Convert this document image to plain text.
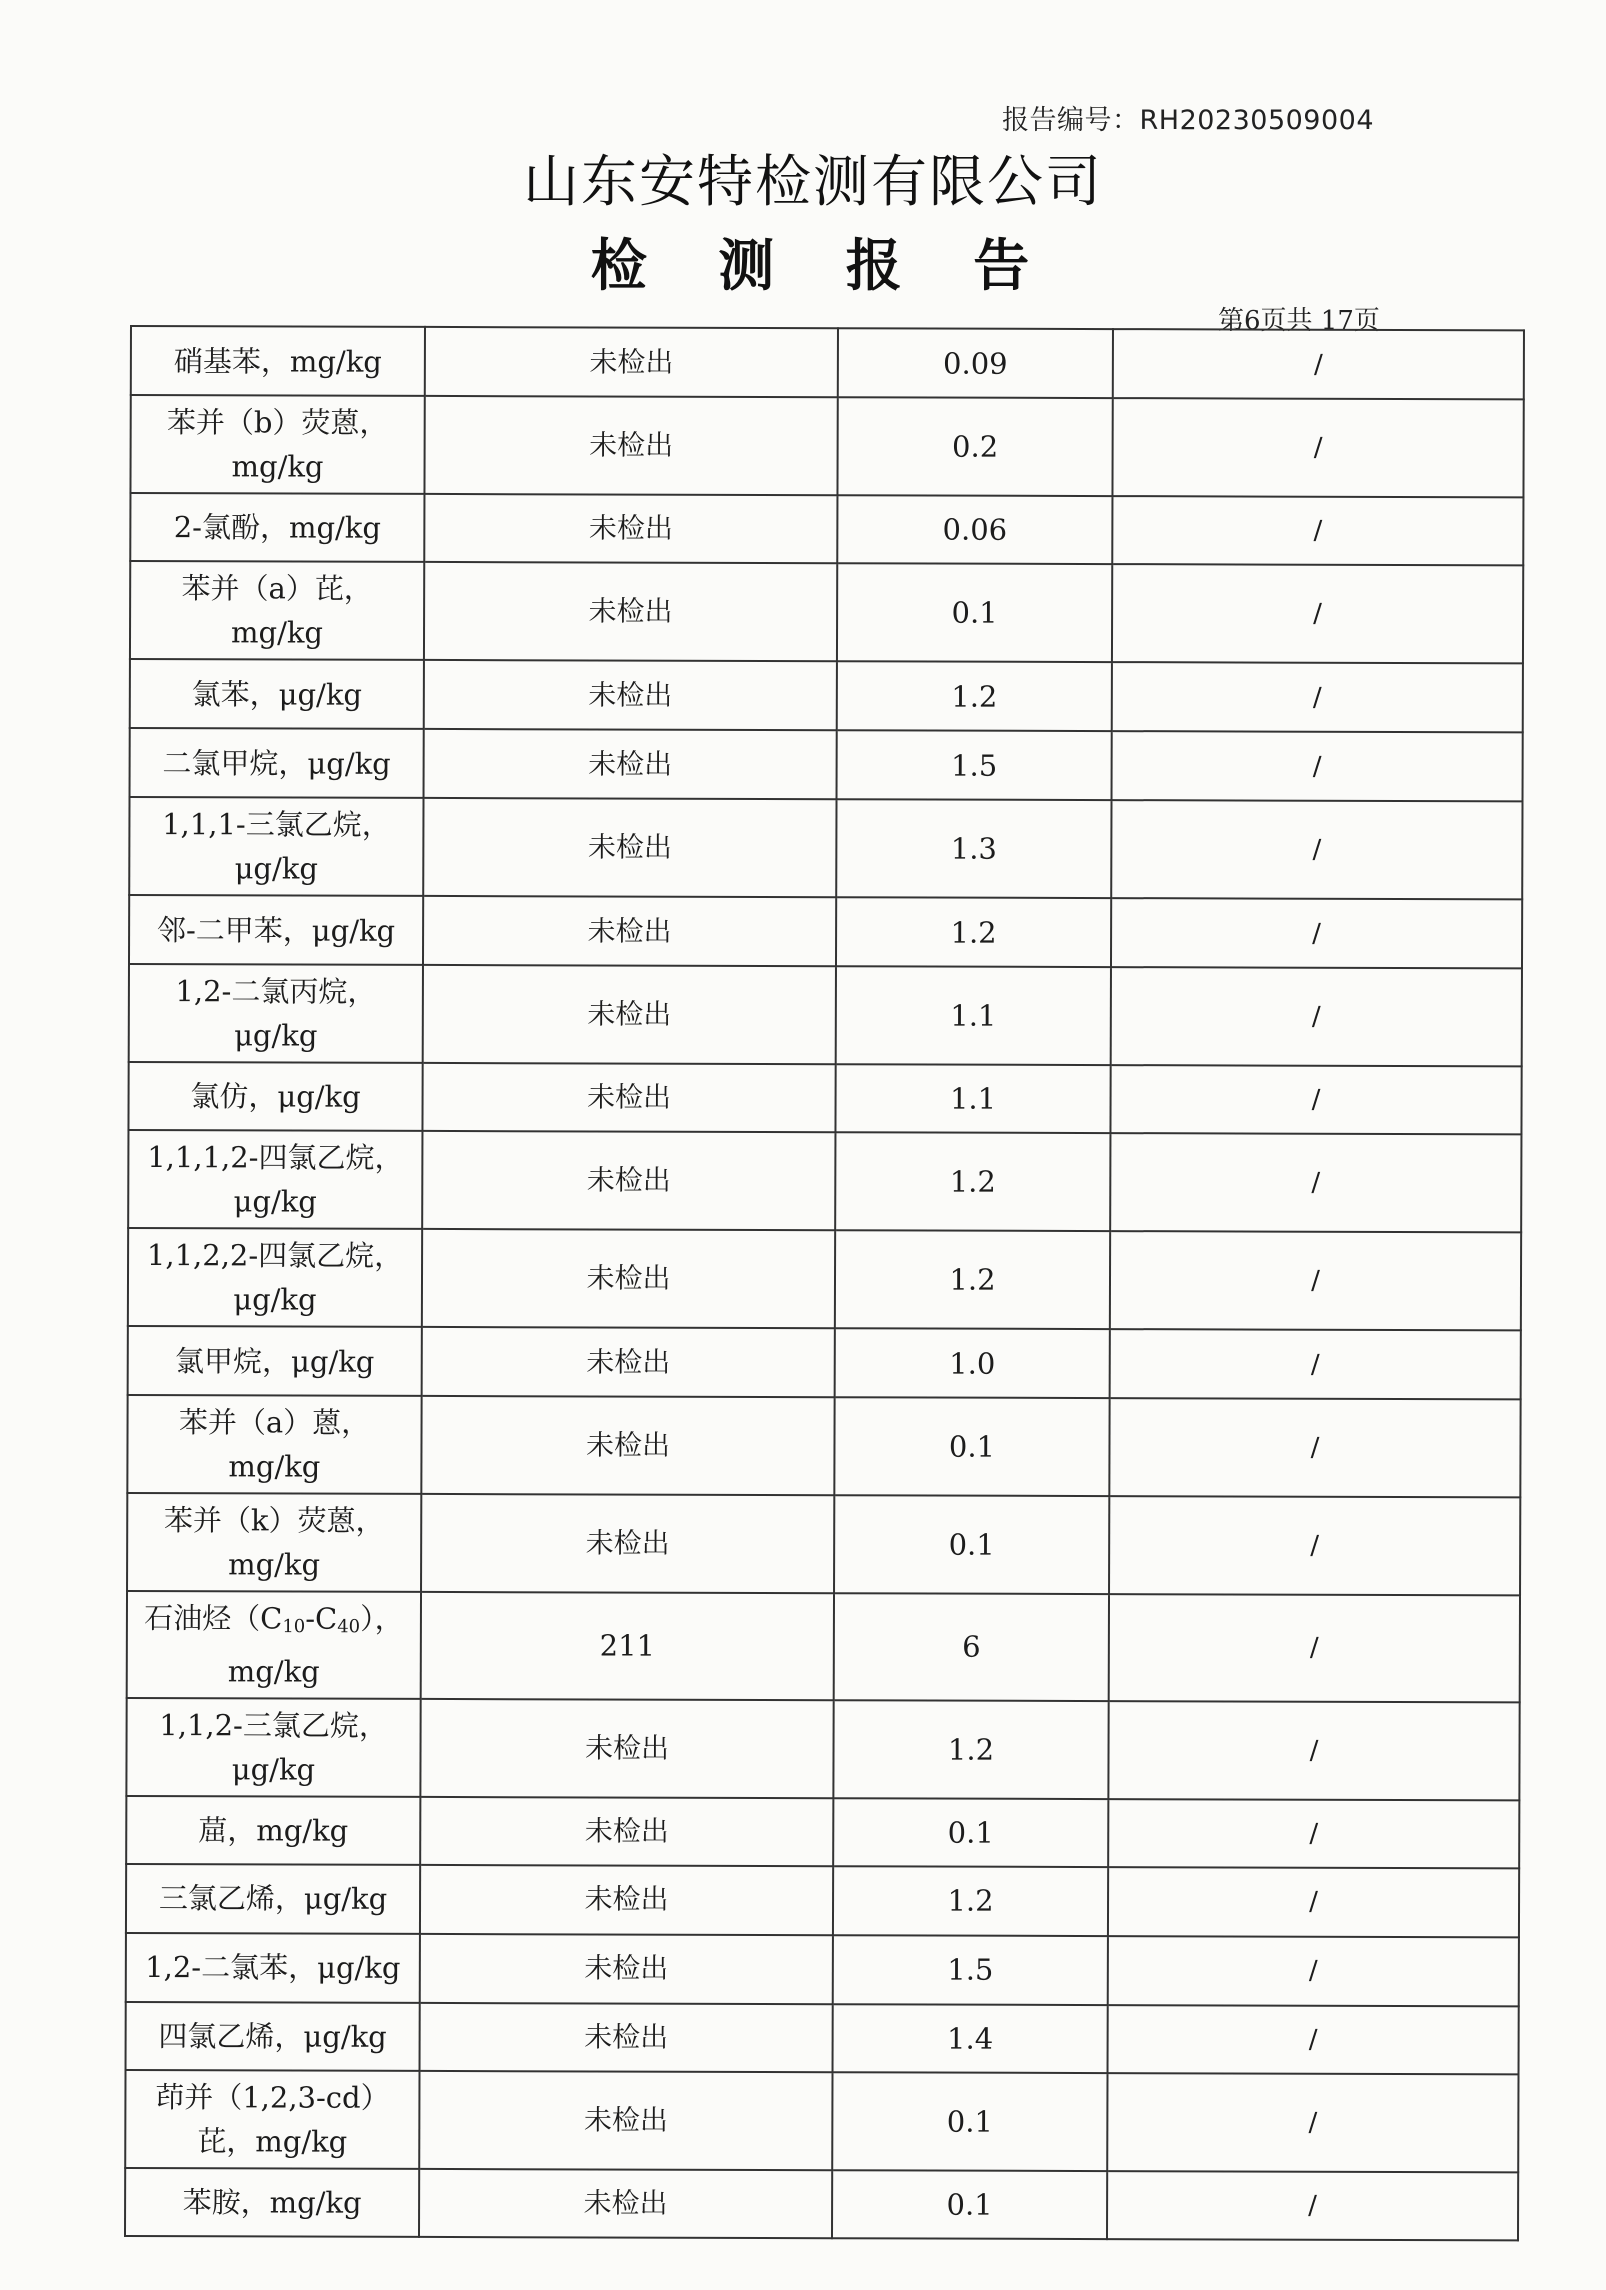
报告编号：RH20230509004
山东安特检测有限公司
检 测 报 告
第6页共 17页
硝基苯，mg/kg	未检出	0.09	/
苯并（b）荧蒽，mg/kg	未检出	0.2	/
2-氯酚，mg/kg	未检出	0.06	/
苯并（a）芘，mg/kg	未检出	0.1	/
氯苯，μg/kg	未检出	1.2	/
二氯甲烷，μg/kg	未检出	1.5	/
1,1,1-三氯乙烷，μg/kg	未检出	1.3	/
邻-二甲苯，μg/kg	未检出	1.2	/
1,2-二氯丙烷，μg/kg	未检出	1.1	/
氯仿，μg/kg	未检出	1.1	/
1,1,1,2-四氯乙烷，μg/kg	未检出	1.2	/
1,1,2,2-四氯乙烷，μg/kg	未检出	1.2	/
氯甲烷，μg/kg	未检出	1.0	/
苯并（a）蒽，mg/kg	未检出	0.1	/
苯并（k）荧蒽，mg/kg	未检出	0.1	/
石油烃$(C_{10}-C_{40})$，mg/kg	211	6	/
1,1,2-三氯乙烷，μg/kg	未检出	1.2	/
䓛，mg/kg	未检出	0.1	/
三氯乙烯，μg/kg	未检出	1.2	/
1,2-二氯苯，μg/kg	未检出	1.5	/
四氯乙烯，μg/kg	未检出	1.4	/
茚并（1,2,3-cd）芘，mg/kg	未检出	0.1	/
苯胺，mg/kg	未检出	0.1	/
